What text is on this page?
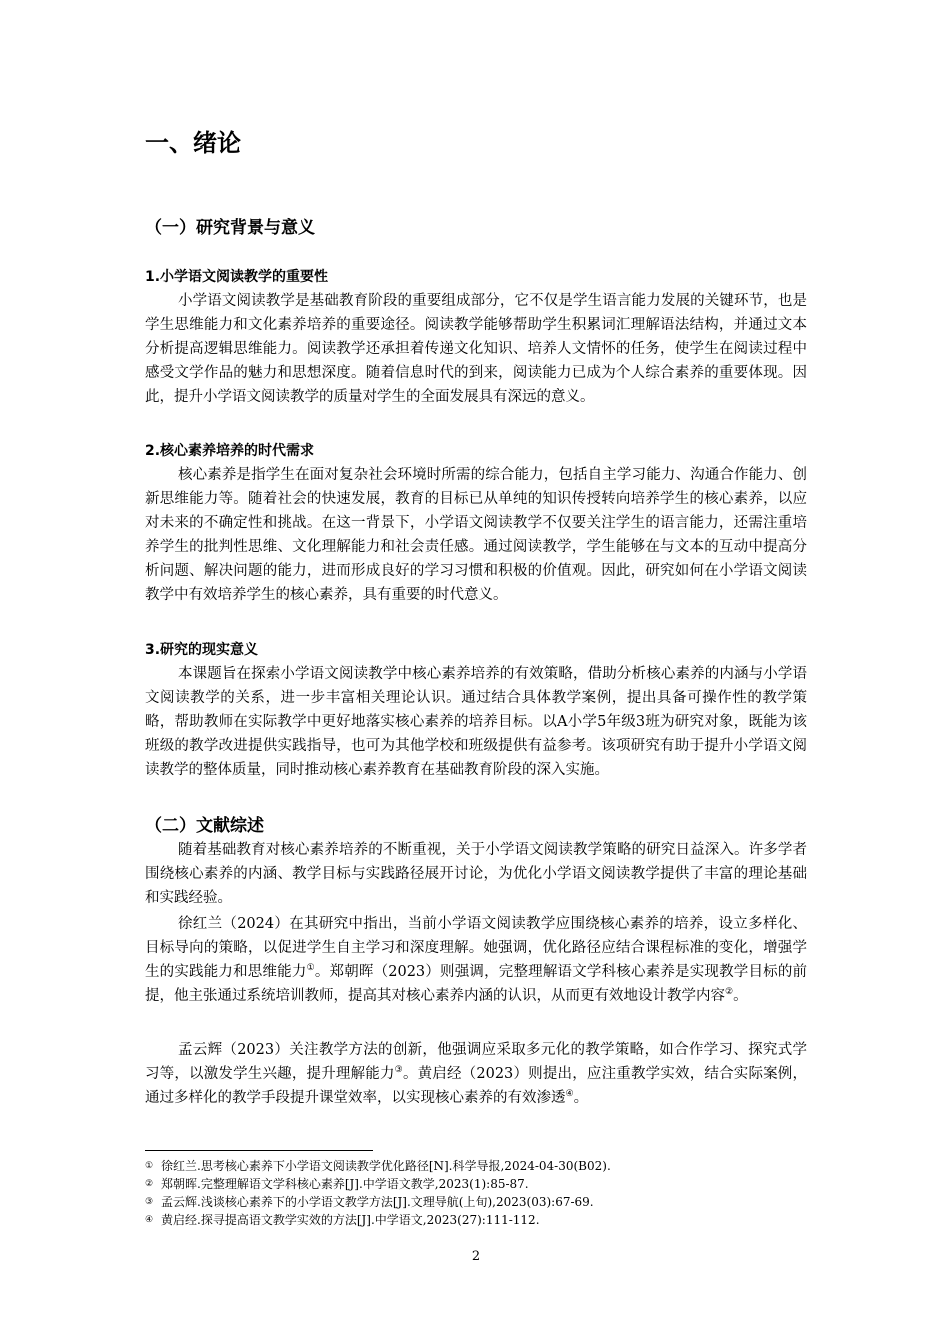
一、绪论
（一）研究背景与意义
1.小学语文阅读教学的重要性
小学语文阅读教学是基础教育阶段的重要组成部分，它不仅是学生语言能力发展的关键环节，也是学生思维能力和文化素养培养的重要途径。阅读教学能够帮助学生积累词汇理解语法结构，并通过文本分析提高逻辑思维能力。阅读教学还承担着传递文化知识、培养人文情怀的任务，使学生在阅读过程中感受文学作品的魅力和思想深度。随着信息时代的到来，阅读能力已成为个人综合素养的重要体现。因此，提升小学语文阅读教学的质量对学生的全面发展具有深远的意义。
2.核心素养培养的时代需求
核心素养是指学生在面对复杂社会环境时所需的综合能力，包括自主学习能力、沟通合作能力、创新思维能力等。随着社会的快速发展，教育的目标已从单纯的知识传授转向培养学生的核心素养，以应对未来的不确定性和挑战。在这一背景下，小学语文阅读教学不仅要关注学生的语言能力，还需注重培养学生的批判性思维、文化理解能力和社会责任感。通过阅读教学，学生能够在与文本的互动中提高分析问题、解决问题的能力，进而形成良好的学习习惯和积极的价值观。因此，研究如何在小学语文阅读教学中有效培养学生的核心素养，具有重要的时代意义。
3.研究的现实意义
本课题旨在探索小学语文阅读教学中核心素养培养的有效策略，借助分析核心素养的内涵与小学语文阅读教学的关系，进一步丰富相关理论认识。通过结合具体教学案例，提出具备可操作性的教学策略，帮助教师在实际教学中更好地落实核心素养的培养目标。以A小学5年级3班为研究对象，既能为该班级的教学改进提供实践指导，也可为其他学校和班级提供有益参考。该项研究有助于提升小学语文阅读教学的整体质量，同时推动核心素养教育在基础教育阶段的深入实施。
（二）文献综述
随着基础教育对核心素养培养的不断重视，关于小学语文阅读教学策略的研究日益深入。许多学者围绕核心素养的内涵、教学目标与实践路径展开讨论，为优化小学语文阅读教学提供了丰富的理论基础和实践经验。
徐红兰（2024）在其研究中指出，当前小学语文阅读教学应围绕核心素养的培养，设立多样化、目标导向的策略，以促进学生自主学习和深度理解。她强调，优化路径应结合课程标准的变化，增强学生的实践能力和思维能力①。郑朝晖（2023）则强调，完整理解语文学科核心素养是实现教学目标的前提，他主张通过系统培训教师，提高其对核心素养内涵的认识，从而更有效地设计教学内容②。
孟云辉（2023）关注教学方法的创新，他强调应采取多元化的教学策略，如合作学习、探究式学习等，以激发学生兴趣，提升理解能力③。黄启经（2023）则提出，应注重教学实效，结合实际案例，通过多样化的教学手段提升课堂效率，以实现核心素养的有效渗透④。
① 徐红兰.思考核心素养下小学语文阅读教学优化路径[N].科学导报,2024-04-30(B02).
② 郑朝晖.完整理解语文学科核心素养[J].中学语文教学,2023(1):85-87.
③ 孟云辉.浅谈核心素养下的小学语文教学方法[J].文理导航(上旬),2023(03):67-69.
④ 黄启经.探寻提高语文教学实效的方法[J].中学语文,2023(27):111-112.
2
